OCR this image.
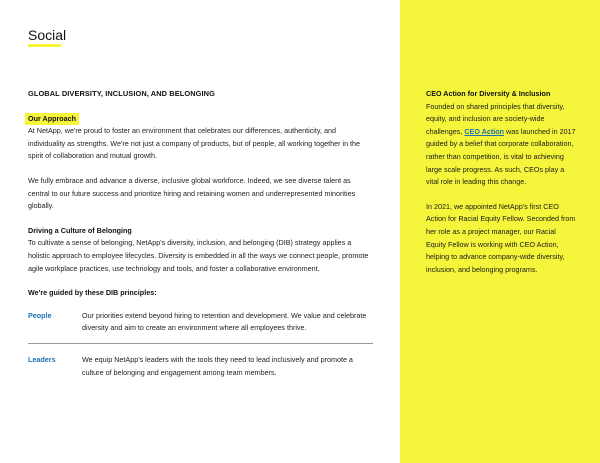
Social
GLOBAL DIVERSITY, INCLUSION, AND BELONGING
Our Approach

At NetApp, we're proud to foster an environment that celebrates our differences, authenticity, and individuality as strengths. We're not just a company of products, but of people, all working together in the spirit of collaboration and mutual growth.

We fully embrace and advance a diverse, inclusive global workforce. Indeed, we see diverse talent as central to our future success and prioritize hiring and retaining women and underrepresented minorities globally.

Driving a Culture of Belonging

To cultivate a sense of belonging, NetApp's diversity, inclusion, and belonging (DIB) strategy applies a holistic approach to employee lifecycles. Diversity is embedded in all the ways we connect people, promote agile workplace practices, use technology and tools, and foster a collaborative environment.

We're guided by these DIB principles:
People	Our priorities extend beyond hiring to retention and development. We value and celebrate diversity and aim to create an environment where all employees thrive.
Leaders	We equip NetApp's leaders with the tools they need to lead inclusively and promote a culture of belonging and engagement among team members.
CEO Action for Diversity & Inclusion
Founded on shared principles that diversity, equity, and inclusion are society-wide challenges, CEO Action was launched in 2017 guided by a belief that corporate collaboration, rather than competition, is vital to achieving large scale progress. As such, CEOs play a vital role in leading this change.
In 2021, we appointed NetApp's first CEO Action for Racial Equity Fellow. Seconded from her role as a project manager, our Racial Equity Fellow is working with CEO Action, helping to advance company-wide diversity, inclusion, and belonging programs.
